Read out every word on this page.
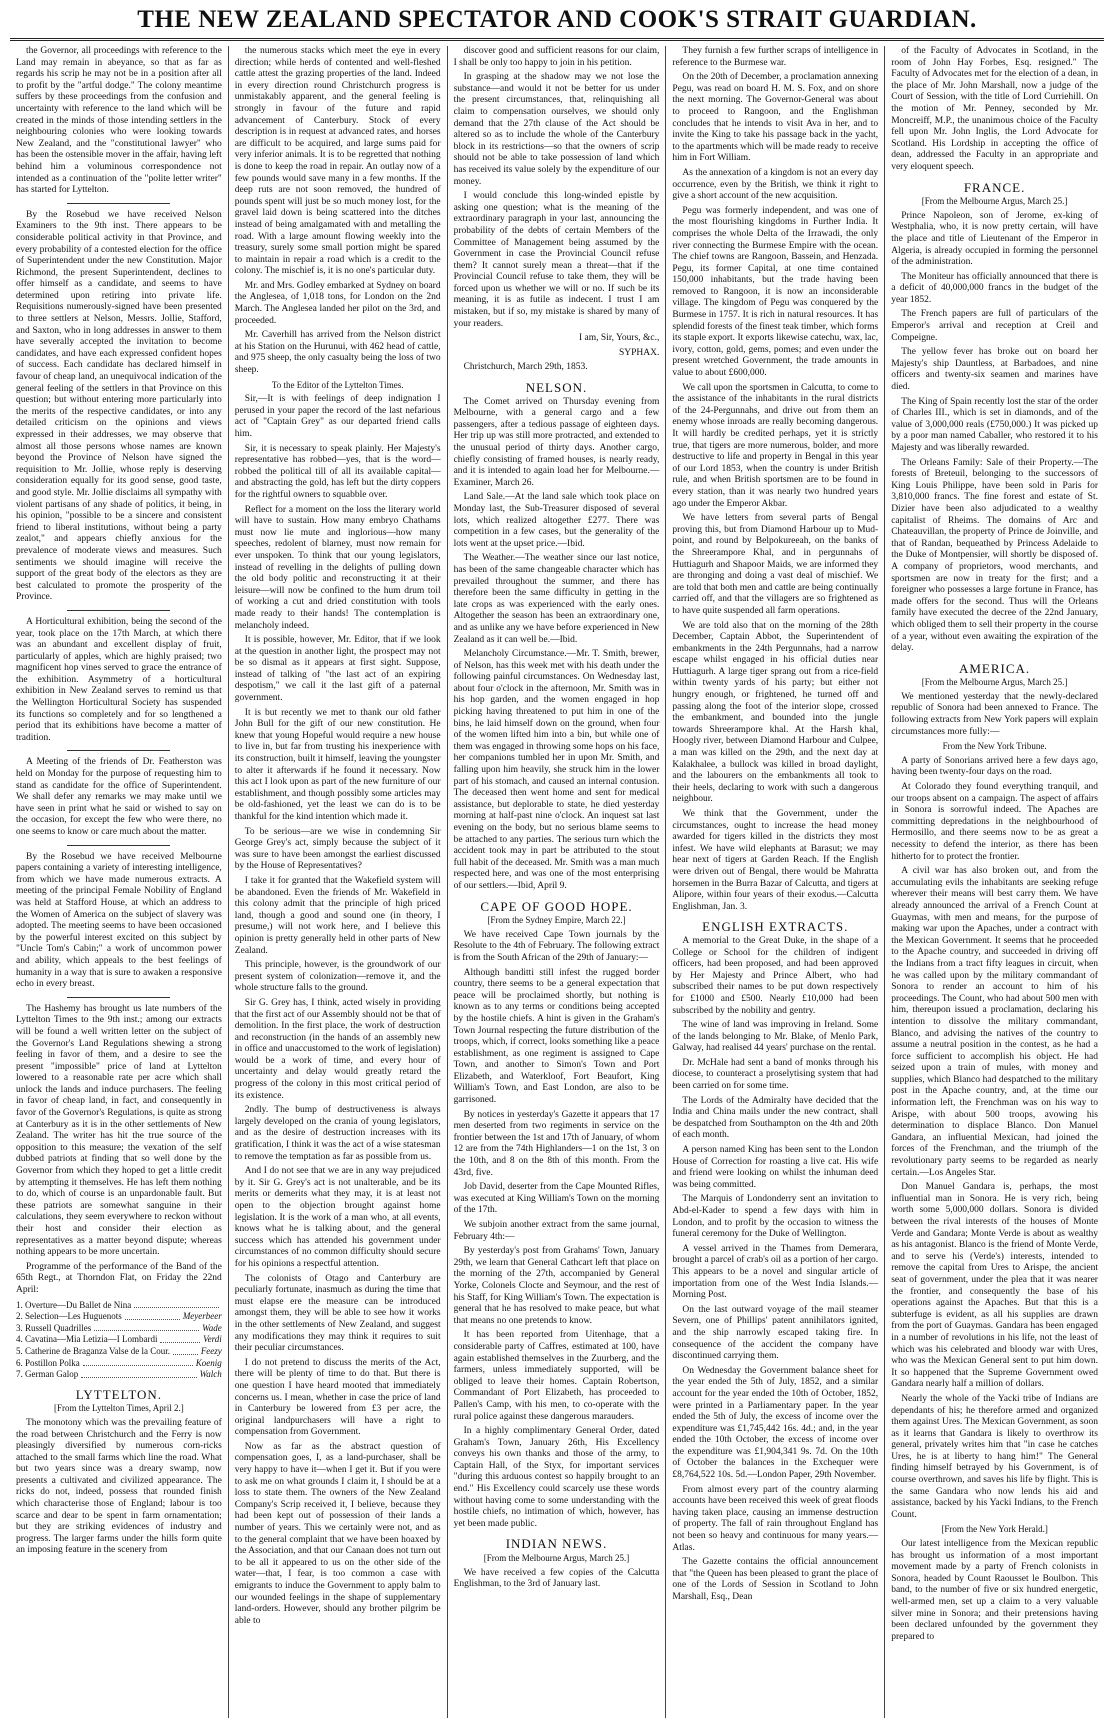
THE NEW ZEALAND SPECTATOR AND COOK'S STRAIT GUARDIAN.

the Governor, all proceedings with reference to the Land may remain in abeyance, so that as far as regards his scrip he may not be in a position after all to profit by the "artful dodge." The colony meantime suffers by these proceedings from the confusion and uncertainty with reference to the land which will be created in the minds of those intending settlers in the neighbouring colonies who were looking towards New Zealand, and the "constitutional lawyer" who has been the ostensible mover in the affair, having left behind him a voluminous correspondence not intended as a continuation of the "polite letter writer" has started for Lyttelton.

By the Rosebud we have received Nelson Examiners to the 9th inst. There appears to be considerable political activity in that Province, and every probability of a contested election for the office of Superintendent under the new Constitution. Major Richmond, the present Superintendent, declines to offer himself as a candidate, and seems to have determined upon retiring into private life. Requisitions numerously-signed have been presented to three settlers at Nelson, Messrs. Jollie, Stafford, and Saxton, who in long addresses in answer to them have severally accepted the invitation to become candidates, and have each expressed confident hopes of success. Each candidate has declared himself in favour of cheap land, an unequivocal indication of the general feeling of the settlers in that Province on this question; but without entering more particularly into the merits of the respective candidates, or into any detailed criticism on the opinions and views expressed in their addresses, we may observe that almost all those persons whose names are known beyond the Province of Nelson have signed the requisition to Mr. Jollie, whose reply is deserving consideration equally for its good sense, good taste, and good style. Mr. Jollie disclaims all sympathy with violent partisans of any shade of politics, it being, in his opinion, "possible to be a sincere and consistent friend to liberal institutions, without being a party zealot," and appears chiefly anxious for the prevalence of moderate views and measures. Such sentiments we should imagine will receive the support of the great body of the electors as they are best calculated to promote the prosperity of the Province.

A Horticultural exhibition, being the second of the year, took place on the 17th March, at which there was an abundant and excellent display of fruit, particularly of apples, which are highly praised; two magnificent hop vines served to grace the entrance of the exhibition. Asymmetry of a horticultural exhibition in New Zealand serves to remind us that the Wellington Horticultural Society has suspended its functions so completely and for so lengthened a period that its exhibitions have become a matter of tradition.

A Meeting of the friends of Dr. Featherston was held on Monday for the purpose of requesting him to stand as candidate for the office of Superintendent. We shall defer any remarks we may make until we have seen in print what he said or wished to say on the occasion, for except the few who were there, no one seems to know or care much about the matter.

By the Rosebud we have received Melbourne papers containing a variety of interesting intelligence, from which we have made numerous extracts. A meeting of the principal Female Nobility of England was held at Stafford House, at which an address to the Women of America on the subject of slavery was adopted. The meeting seems to have been occasioned by the powerful interest excited on this subject by "Uncle Tom's Cabin;" a work of uncommon power and ability, which appeals to the best feelings of humanity in a way that is sure to awaken a responsive echo in every breast.

The Hashemy has brought us late numbers of the Lyttelton Times to the 9th inst.; among our extracts will be found a well written letter on the subject of the Governor's Land Regulations shewing a strong feeling in favor of them, and a desire to see the present "impossible" price of land at Lyttelton lowered to a reasonable rate per acre which shall unlock the lands and induce purchasers. The feeling in favor of cheap land, in fact, and consequently in favor of the Governor's Regulations, is quite as strong at Canterbury as it is in the other settlements of New Zealand. The writer has hit the true source of the opposition to this measure; the vexation of the self dubbed patriots at finding that so well done by the Governor from which they hoped to get a little credit by attempting it themselves. He has left them nothing to do, which of course is an unpardonable fault. But these patriots are somewhat sanguine in their calculations, they seem everywhere to reckon without their host and consider their election as representatives as a matter beyond dispute; whereas nothing appears to be more uncertain.

Programme of the performance of the Band of the 65th Regt., at Thorndon Flat, on Friday the 22nd April:

1. Overture—Du Ballet de Nina
2. Selection—Les Huguenots	Meyerbeer
3. Russell Quadrilles	Wade
4. Cavatina—Mia Letizia—I Lombardi	Verdi
5. Catherine de Braganza Valse de la Cour.	Feezy
6. Postillon Polka	Koenig
7. German Galop	Walch
LYTTELTON.

[From the Lyttelton Times, April 2.]

The monotony which was the prevailing feature of the road between Christchurch and the Ferry is now pleasingly diversified by numerous corn-ricks attached to the small farms which line the road. What but two years since was a dreary swamp, now presents a cultivated and civilized appearance. The ricks do not, indeed, possess that rounded finish which characterise those of England; labour is too scarce and dear to be spent in farm ornamentation; but they are striking evidences of industry and progress. The larger farms under the hills form quite an imposing feature in the scenery from

the numerous stacks which meet the eye in every direction; while herds of contented and well-fleshed cattle attest the grazing properties of the land. Indeed in every direction round Christchurch progress is unmistakably apparent, and the general feeling is strongly in favour of the future and rapid advancement of Canterbury. Stock of every description is in request at advanced rates, and horses are difficult to be acquired, and large sums paid for very inferior animals. It is to be regretted that nothing is done to keep the road in repair. An outlay now of a few pounds would save many in a few months. If the deep ruts are not soon removed, the hundred of pounds spent will just be so much money lost, for the gravel laid down is being scattered into the ditches instead of being amalgamated with and metalling the road. With a large amount flowing weekly into the treasury, surely some small portion might be spared to maintain in repair a road which is a credit to the colony. The mischief is, it is no one's particular duty.

Mr. and Mrs. Godley embarked at Sydney on board the Anglesea, of 1,018 tons, for London on the 2nd March. The Anglesea landed her pilot on the 3rd, and proceeded.

Mr. Caverhill has arrived from the Nelson district at his Station on the Hurunui, with 462 head of cattle, and 975 sheep, the only casualty being the loss of two sheep.

To the Editor of the Lyttelton Times.

Sir,—It is with feelings of deep indignation I perused in your paper the record of the last nefarious act of "Captain Grey" as our departed friend calls him.

Sir, it is necessary to speak plainly. Her Majesty's representative has robbed—yes, that is the word—robbed the political till of all its available capital—and abstracting the gold, has left but the dirty coppers for the rightful owners to squabble over.

Reflect for a moment on the loss the literary world will have to sustain. How many embryo Chathams must now lie mute and inglorious—how many speeches, redolent of blarney, must now remain for ever unspoken. To think that our young legislators, instead of revelling in the delights of pulling down the old body politic and reconstructing it at their leisure—will now be confined to the hum drum toil of working a cut and dried constitution with tools made ready to their hands! The contemplation is melancholy indeed.

It is possible, however, Mr. Editor, that if we look at the question in another light, the prospect may not be so dismal as it appears at first sight. Suppose, instead of talking of "the last act of an expiring despotism," we call it the last gift of a paternal government.

It is but recently we met to thank our old father John Bull for the gift of our new constitution. He knew that young Hopeful would require a new house to live in, but far from trusting his inexperience with its construction, built it himself, leaving the youngster to alter it afterwards if he found it necessary. Now this act I look upon as part of the new furniture of our establishment, and though possibly some articles may be old-fashioned, yet the least we can do is to be thankful for the kind intention which made it.

To be serious—are we wise in condemning Sir George Grey's act, simply because the subject of it was sure to have been amongst the earliest discussed by the House of Representatives?

I take it for granted that the Wakefield system will be abandoned. Even the friends of Mr. Wakefield in this colony admit that the principle of high priced land, though a good and sound one (in theory, I presume,) will not work here, and I believe this opinion is pretty generally held in other parts of New Zealand.

This principle, however, is the groundwork of our present system of colonization—remove it, and the whole structure falls to the ground.

Sir G. Grey has, I think, acted wisely in providing that the first act of our Assembly should not be that of demolition. In the first place, the work of destruction and reconstruction (in the hands of an assembly new in office and unaccustomed to the work of legislation) would be a work of time, and every hour of uncertainty and delay would greatly retard the progress of the colony in this most critical period of its existence.

2ndly. The bump of destructiveness is always largely developed on the crania of young legislators, and as the desire of destruction increases with its gratification, I think it was the act of a wise statesman to remove the temptation as far as possible from us.

And I do not see that we are in any way prejudiced by it. Sir G. Grey's act is not unalterable, and be its merits or demerits what they may, it is at least not open to the objection brought against home legislation. It is the work of a man who, at all events, knows what he is talking about, and the general success which has attended his government under circumstances of no common difficulty should secure for his opinions a respectful attention.

The colonists of Otago and Canterbury are peculiarly fortunate, inasmuch as during the time that must elapse ere the measure can be introduced amongst them, they will be able to see how it works in the other settlements of New Zealand, and suggest any modifications they may think it requires to suit their peculiar circumstances.

I do not pretend to discuss the merits of the Act, there will be plenty of time to do that. But there is one question I have heard mooted that immediately concerns us. I mean, whether in case the price of land in Canterbury be lowered from £3 per acre, the original landpurchasers will have a right to compensation from Government.

Now as far as the abstract question of compensation goes, I, as a land-purchaser, shall be very happy to have it—when I get it. But if you were to ask me on what grounds I claim it, I should be at a loss to state them. The owners of the New Zealand Company's Scrip received it, I believe, because they had been kept out of possession of their lands a number of years. This we certainly were not, and as to the general complaint that we have been hoaxed by the Association, and that our Canaan does not turn out to be all it appeared to us on the other side of the water—that, I fear, is too common a case with emigrants to induce the Government to apply balm to our wounded feelings in the shape of supplementary land-orders. However, should any brother pilgrim be able to

discover good and sufficient reasons for our claim, I shall be only too happy to join in his petition.

In grasping at the shadow may we not lose the substance—and would it not be better for us under the present circumstances, that, relinquishing all claim to compensation ourselves, we should only demand that the 27th clause of the Act should be altered so as to include the whole of the Canterbury block in its restrictions—so that the owners of scrip should not be able to take possession of land which has received its value solely by the expenditure of our money.

I would conclude this long-winded epistle by asking one question; what is the meaning of the extraordinary paragraph in your last, announcing the probability of the debts of certain Members of the Committee of Management being assumed by the Government in case the Provincial Council refuse them? It cannot surely mean a threat—that if the Provincial Council refuse to take them, they will be forced upon us whether we will or no. If such be its meaning, it is as futile as indecent. I trust I am mistaken, but if so, my mistake is shared by many of your readers.

I am, Sir, Yours, &c.,

SYPHAX.

Christchurch, March 29th, 1853.

NELSON.

The Comet arrived on Thursday evening from Melbourne, with a general cargo and a few passengers, after a tedious passage of eighteen days. Her trip up was still more protracted, and extended to the unusual period of thirty days. Another cargo, chiefly consisting of framed houses, is nearly ready, and it is intended to again load her for Melbourne.—Examiner, March 26.

Land Sale.—At the land sale which took place on Monday last, the Sub-Treasurer disposed of several lots, which realized altogether £277. There was competition in a few cases, but the generality of the lots went at the upset price.—Ibid.

The Weather.—The weather since our last notice, has been of the same changeable character which has prevailed throughout the summer, and there has therefore been the same difficulty in getting in the late crops as was experienced with the early ones. Altogether the season has been an extraordinary one, and as unlike any we have before experienced in New Zealand as it can well be.—Ibid.

Melancholy Circumstance.—Mr. T. Smith, brewer, of Nelson, has this week met with his death under the following painful circumstances. On Wednesday last, about four o'clock in the afternoon, Mr. Smith was in his hop garden, and the women engaged in hop picking having threatened to put him in one of the bins, he laid himself down on the ground, when four of the women lifted him into a bin, but while one of them was engaged in throwing some hops on his face, her companions tumbled her in upon Mr. Smith, and falling upon him heavily, she struck him in the lower part of his stomach, and caused an internal contusion. The deceased then went home and sent for medical assistance, but deplorable to state, he died yesterday morning at half-past nine o'clock. An inquest sat last evening on the body, but no serious blame seems to be attached to any parties. The serious turn which the accident took may in part be attributed to the stout full habit of the deceased. Mr. Smith was a man much respected here, and was one of the most enterprising of our settlers.—Ibid, April 9.

CAPE OF GOOD HOPE.

[From the Sydney Empire, March 22.]

We have received Cape Town journals by the Resolute to the 4th of February. The following extract is from the South African of the 29th of January:—

Although banditti still infest the rugged border country, there seems to be a general expectation that peace will be proclaimed shortly, but nothing is known as to any terms or conditions being accepted by the hostile chiefs. A hint is given in the Graham's Town Journal respecting the future distribution of the troops, which, if correct, looks something like a peace establishment, as one regiment is assigned to Cape Town, and another to Simon's Town and Port Elizabeth, and Waterkloof, Fort Beaufort, King William's Town, and East London, are also to be garrisoned.

By notices in yesterday's Gazette it appears that 17 men deserted from two regiments in service on the frontier between the 1st and 17th of January, of whom 12 are from the 74th Highlanders—1 on the 1st, 3 on the 10th, and 8 on the 8th of this month. From the 43rd, five.

Job David, deserter from the Cape Mounted Rifles, was executed at King William's Town on the morning of the 17th.

We subjoin another extract from the same journal, February 4th:—

By yesterday's post from Grahams' Town, January 29th, we learn that General Cathcart left that place on the morning of the 27th, accompanied by General Yorke, Colonels Clocte and Seymour, and the rest of his Staff, for King William's Town. The expectation is general that he has resolved to make peace, but what that means no one pretends to know.

It has been reported from Uitenhage, that a considerable party of Caffres, estimated at 100, have again established themselves in the Zuurberg, and the farmers, unless immediately supported, will be obliged to leave their homes. Captain Robertson, Commandant of Port Elizabeth, has proceeded to Pallen's Camp, with his men, to co-operate with the rural police against these dangerous marauders.

In a highly complimentary General Order, dated Graham's Town, January 26th, His Excellency conveys his own thanks and those of the army, to Captain Hall, of the Styx, for important services "during this arduous contest so happily brought to an end." His Excellency could scarcely use these words without having come to some understanding with the hostile chiefs, no intimation of which, however, has yet been made public.

INDIAN NEWS.

[From the Melbourne Argus, March 25.]

We have received a few copies of the Calcutta Englishman, to the 3rd of January last.

They furnish a few further scraps of intelligence in reference to the Burmese war.

On the 20th of December, a proclamation annexing Pegu, was read on board H. M. S. Fox, and on shore the next morning. The Governor-General was about to proceed to Rangoon, and the Englishman concludes that he intends to visit Ava in her, and to invite the King to take his passage back in the yacht, to the apartments which will be made ready to receive him in Fort William.

As the annexation of a kingdom is not an every day occurrence, even by the British, we think it right to give a short account of the new acquisition.

Pegu was formerly independent, and was one of the most flourishing kingdoms in Further India. It comprises the whole Delta of the Irrawadi, the only river connecting the Burmese Empire with the ocean. The chief towns are Rangoon, Bassein, and Henzada. Pegu, its former Capital, at one time contained 150,000 inhabitants, but the trade having been removed to Rangoon, it is now an inconsiderable village. The kingdom of Pegu was conquered by the Burmese in 1757. It is rich in natural resources. It has splendid forests of the finest teak timber, which forms its staple export. It exports likewise catechu, wax, lac, ivory, cotton, gold, gems, pomes; and even under the present wretched Government, the trade amounts in value to about £600,000.

We call upon the sportsmen in Calcutta, to come to the assistance of the inhabitants in the rural districts of the 24-Pergunnahs, and drive out from them an enemy whose inroads are really becoming dangerous. It will hardly be credited perhaps, yet it is strictly true, that tigers are more numerous, bolder, and more destructive to life and property in Bengal in this year of our Lord 1853, when the country is under British rule, and when British sportsmen are to be found in every station, than it was nearly two hundred years ago under the Emperor Akbar.

We have letters from several parts of Bengal proving this, but from Diamond Harbour up to Mud-point, and round by Belpokureeah, on the banks of the Shreerampore Khal, and in pergunnahs of Huttiagurh and Shapoor Maids, we are informed they are thronging and doing a vast deal of mischief. We are told that both men and cattle are being continually carried off, and that the villagers are so frightened as to have quite suspended all farm operations.

We are told also that on the morning of the 28th December, Captain Abbot, the Superintendent of embankments in the 24th Pergunnahs, had a narrow escape whilst engaged in his official duties near Huttiagurh. A large tiger sprang out from a rice-field within twenty yards of his party; but either not hungry enough, or frightened, he turned off and passing along the foot of the interior slope, crossed the embankment, and bounded into the jungle towards Shreerampore khal. At the Harsh khal, Hoogly river, between Diamond Harbour and Culpee, a man was killed on the 29th, and the next day at Kalakhalee, a bullock was killed in broad daylight, and the labourers on the embankments all took to their heels, declaring to work with such a dangerous neighbour.

We think that the Government, under the circumstances, ought to increase the head money awarded for tigers killed in the districts they most infest. We have wild elephants at Barasut; we may hear next of tigers at Garden Reach. If the English were driven out of Bengal, there would be Mahratta horsemen in the Burra Bazar of Calcutta, and tigers at Alipore, within four years of their exodus.—Calcutta Englishman, Jan. 3.

ENGLISH EXTRACTS.

A memorial to the Great Duke, in the shape of a College or School for the children of indigent officers, had been proposed, and had been approved by Her Majesty and Prince Albert, who had subscribed their names to be put down respectively for £1000 and £500. Nearly £10,000 had been subscribed by the nobility and gentry.

The wine of land was improving in Ireland. Some of the lands belonging to Mr. Blake, of Menlo Park, Galway, had realised 44 years' purchase on the rental.

Dr. McHale had sent a band of monks through his diocese, to counteract a proselytising system that had been carried on for some time.

The Lords of the Admiralty have decided that the India and China mails under the new contract, shall be despatched from Southampton on the 4th and 20th of each month.

A person named King has been sent to the London House of Correction for roasting a live cat. His wife and friend were looking on whilst the inhuman deed was being committed.

The Marquis of Londonderry sent an invitation to Abd-el-Kader to spend a few days with him in London, and to profit by the occasion to witness the funeral ceremony for the Duke of Wellington.

A vessel arrived in the Thames from Demerara, brought a parcel of crab's oil as a portion of her cargo. This appears to be a novel and singular article of importation from one of the West India Islands.—Morning Post.

On the last outward voyage of the mail steamer Severn, one of Phillips' patent annihilators ignited, and the ship narrowly escaped taking fire. In consequence of the accident the company have discontinued carrying them.

On Wednesday the Government balance sheet for the year ended the 5th of July, 1852, and a similar account for the year ended the 10th of October, 1852, were printed in a Parliamentary paper. In the year ended the 5th of July, the excess of income over the expenditure was £1,745,442 16s. 4d.; and, in the year ended the 10th October, the excess of income over the expenditure was £1,904,341 9s. 7d. On the 10th of October the balances in the Exchequer were £8,764,522 10s. 5d.—London Paper, 29th November.

From almost every part of the country alarming accounts have been received this week of great floods having taken place, causing an immense destruction of property. The fall of rain throughout England has not been so heavy and continuous for many years.—Atlas.

The Gazette contains the official announcement that "the Queen has been pleased to grant the place of one of the Lords of Session in Scotland to John Marshall, Esq., Dean

of the Faculty of Advocates in Scotland, in the room of John Hay Forbes, Esq. resigned." The Faculty of Advocates met for the election of a dean, in the place of Mr. John Marshall, now a judge of the Court of Session, with the title of Lord Curriehill. On the motion of Mr. Penney, seconded by Mr. Moncreiff, M.P., the unanimous choice of the Faculty fell upon Mr. John Inglis, the Lord Advocate for Scotland. His Lordship in accepting the office of dean, addressed the Faculty in an appropriate and very eloquent speech.

FRANCE.

[From the Melbourne Argus, March 25.]

Prince Napoleon, son of Jerome, ex-king of Westphalia, who, it is now pretty certain, will have the place and title of Lieutenant of the Emperor in Algeria, is already occupied in forming the personnel of the administration.

The Moniteur has officially announced that there is a deficit of 40,000,000 francs in the budget of the year 1852.

The French papers are full of particulars of the Emperor's arrival and reception at Creil and Compeigne.

The yellow fever has broke out on board her Majesty's ship Dauntless, at Barbadoes, and nine officers and twenty-six seamen and marines have died.

The King of Spain recently lost the star of the order of Charles III., which is set in diamonds, and of the value of 3,000,000 reals (£750,000.) It was picked up by a poor man named Caballer, who restored it to his Majesty and was liberally rewarded.

The Orleans Family: Sale of their Property.—The forests of Breteuil, belonging to the successors of King Louis Philippe, have been sold in Paris for 3,810,000 francs. The fine forest and estate of St. Dizier have been also adjudicated to a wealthy capitalist of Rheims. The domains of Arc and Chateauvillan, the property of Prince de Joinville, and that of Randan, bequeathed by Princess Adelaide to the Duke of Montpensier, will shortly be disposed of. A company of proprietors, wood merchants, and sportsmen are now in treaty for the first; and a foreigner who possesses a large fortune in France, has made offers for the second. Thus will the Orleans family have executed the decree of the 22nd January, which obliged them to sell their property in the course of a year, without even awaiting the expiration of the delay.

AMERICA.

[From the Melbourne Argus, March 25.]

We mentioned yesterday that the newly-declared republic of Sonora had been annexed to France. The following extracts from New York papers will explain circumstances more fully:—

From the New York Tribune.

A party of Sonorians arrived here a few days ago, having been twenty-four days on the road.

At Colorado they found everything tranquil, and our troops absent on a campaign. The aspect of affairs in Sonora is sorrowful indeed. The Apaches are committing depredations in the neighbourhood of Hermosillo, and there seems now to be as great a necessity to defend the interior, as there has been hitherto for to protect the frontier.

A civil war has also broken out, and from the accumulating evils the inhabitants are seeking refuge wherever their means will best carry them. We have already announced the arrival of a French Count at Guaymas, with men and means, for the purpose of making war upon the Apaches, under a contract with the Mexican Government. It seems that he proceeded to the Apache country, and succeeded in driving off the Indians from a tract fifty leagues in circuit, when he was called upon by the military commandant of Sonora to render an account to him of his proceedings. The Count, who had about 500 men with him, thereupon issued a proclamation, declaring his intention to dissolve the military commandant, Blanco, and advising the natives of the country to assume a neutral position in the contest, as he had a force sufficient to accomplish his object. He had seized upon a train of mules, with money and supplies, which Blanco had despatched to the military post in the Apache country, and, at the time our information left, the Frenchman was on his way to Arispe, with about 500 troops, avowing his determination to displace Blanco. Don Manuel Gandara, an influential Mexican, had joined the forces of the Frenchman, and the triumph of the revolutionary party seems to be regarded as nearly certain.—Los Angeles Star.

Don Manuel Gandara is, perhaps, the most influential man in Sonora. He is very rich, being worth some 5,000,000 dollars. Sonora is divided between the rival interests of the houses of Monte Verde and Gandara; Monte Verde is about as wealthy as his antagonist. Blanco is the friend of Monte Verde, and to serve his (Verde's) interests, intended to remove the capital from Ures to Arispe, the ancient seat of government, under the plea that it was nearer the frontier, and consequently the base of his operations against the Apaches. But that this is a subterfuge is evident, as all his supplies are drawn from the port of Guaymas. Gandara has been engaged in a number of revolutions in his life, not the least of which was his celebrated and bloody war with Ures, who was the Mexican General sent to put him down. It so happened that the Supreme Government owed Gandara nearly half a million of dollars.

Nearly the whole of the Yacki tribe of Indians are dependants of his; he therefore armed and organized them against Ures. The Mexican Government, as soon as it learns that Gandara is likely to overthrow its general, privately writes him that "in case he catches Ures, he is at liberty to hang him!" The General finding himself betrayed by his Government, is of course overthrown, and saves his life by flight. This is the same Gandara who now lends his aid and assistance, backed by his Yacki Indians, to the French Count.

[From the New York Herald.]

Our latest intelligence from the Mexican republic has brought us information of a most important movement made by a party of French colonists in Sonora, headed by Count Raousset le Boulbon. This band, to the number of five or six hundred energetic, well-armed men, set up a claim to a very valuable silver mine in Sonora; and their pretensions having been declared unfounded by the government they prepared to
